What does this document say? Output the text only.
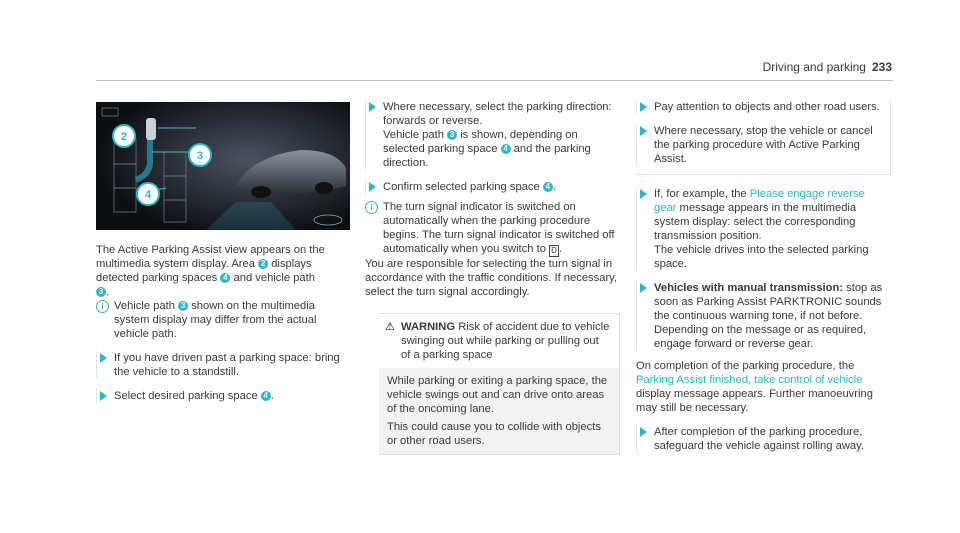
Driving and parking 233
2
3
4

The Active Parking Assist view appears on the
multimedia system display. Area 2 displays
detected parking spaces 4 and vehicle path
3 .

i Vehicle path 3 shown on the multimedia system display may differ from the actual vehicle path.
If you have driven past a parking space: bring the vehicle to a standstill.
Select desired parking space 4 .
Where necessary, select the parking direction: forwards or reverse.
Vehicle path 3 is shown, depending on selected parking space 4 and the parking direction.
Confirm selected parking space 4 .
i The turn signal indicator is switched on automatically when the parking procedure begins. The turn signal indicator is switched off automatically when you switch to D .

You are responsible for selecting the turn signal in accordance with the traffic conditions. If necessary, select the turn signal accordingly.

⚠ WARNING Risk of accident due to vehicle swinging out while parking or pulling out of a parking space

While parking or exiting a parking space, the vehicle swings out and can drive onto areas of the oncoming lane.

This could cause you to collide with objects or other road users.

Pay attention to objects and other road users.
Where necessary, stop the vehicle or cancel the parking procedure with Active Parking Assist.
If, for example, the Please engage reverse gear message appears in the multimedia system display: select the corresponding transmission position.
The vehicle drives into the selected parking space.
Vehicles with manual transmission: stop as soon as Parking Assist PARKTRONIC sounds the continuous warning tone, if not before. Depending on the message or as required, engage forward or reverse gear.

On completion of the parking procedure, the Parking Assist finished, take control of vehicle display message appears. Further manoeuvring may still be necessary.

After completion of the parking procedure, safeguard the vehicle against rolling away.
